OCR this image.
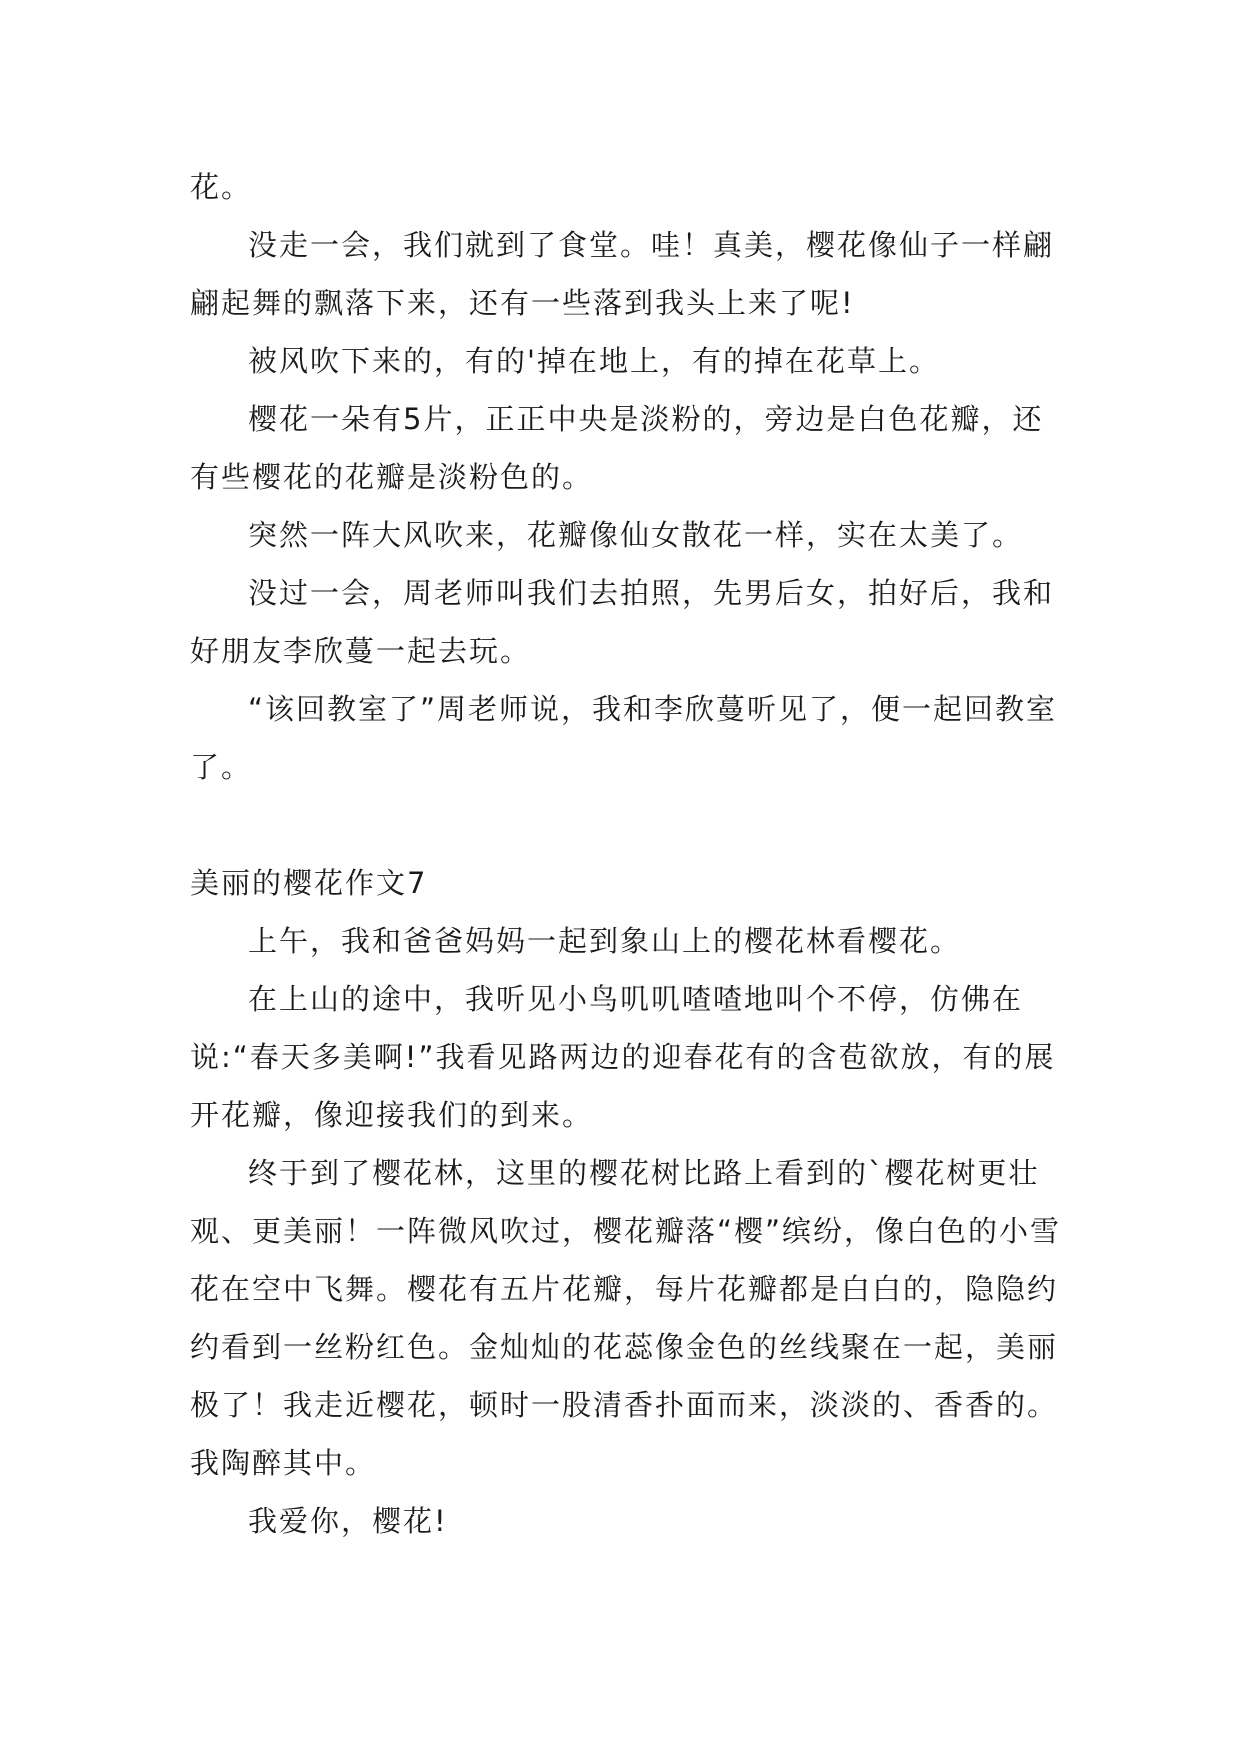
花。

没走一会，我们就到了食堂。哇！真美，樱花像仙子一样翩翩起舞的飘落下来，还有一些落到我头上来了呢!

被风吹下来的，有的'掉在地上，有的掉在花草上。

樱花一朵有5片，正正中央是淡粉的，旁边是白色花瓣，还有些樱花的花瓣是淡粉色的。

突然一阵大风吹来，花瓣像仙女散花一样，实在太美了。

没过一会，周老师叫我们去拍照，先男后女，拍好后，我和好朋友李欣蔓一起去玩。

“该回教室了”周老师说，我和李欣蔓听见了，便一起回教室了。

美丽的樱花作文7

上午，我和爸爸妈妈一起到象山上的樱花林看樱花。

在上山的途中，我听见小鸟叽叽喳喳地叫个不停，仿佛在说:“春天多美啊!”我看见路两边的迎春花有的含苞欲放，有的展开花瓣，像迎接我们的到来。

终于到了樱花林，这里的樱花树比路上看到的`樱花树更壮观、更美丽！一阵微风吹过，樱花瓣落“樱”缤纷，像白色的小雪花在空中飞舞。樱花有五片花瓣，每片花瓣都是白白的，隐隐约约看到一丝粉红色。金灿灿的花蕊像金色的丝线聚在一起，美丽极了！我走近樱花，顿时一股清香扑面而来，淡淡的、香香的。我陶醉其中。

我爱你，樱花!
